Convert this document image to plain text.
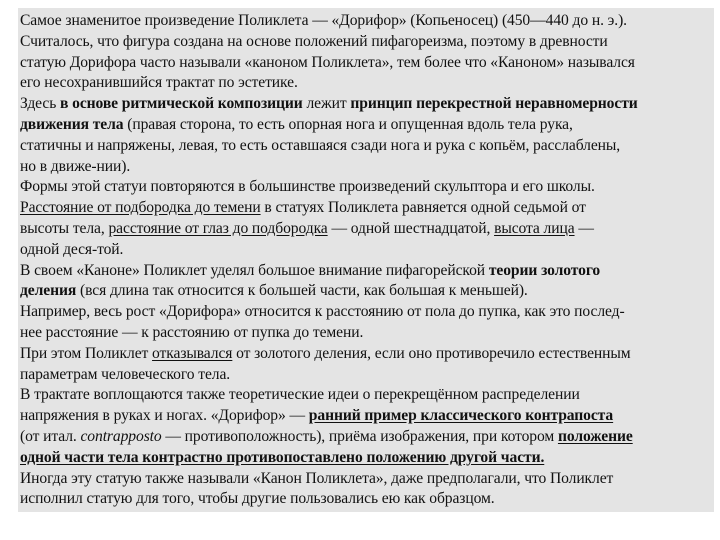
Самое знаменитое произведение Поликлета — «Дорифор» (Копьеносец) (450—440 до н. э.).
Считалось, что фигура создана на основе положений пифагореизма, поэтому в древности
статую Дорифора часто называли «каноном Поликлета», тем более что «Каноном» назывался
его несохранившийся трактат по эстетике.
Здесь в основе ритмической композиции лежит принцип перекрестной неравномерности
движения тела (правая сторона, то есть опорная нога и опущенная вдоль тела рука,
статичны и напряжены, левая, то есть оставшаяся сзади нога и рука с копьём, расслаблены,
но в движе-нии).
Формы этой статуи повторяются в большинстве произведений скульптора и его школы.
Расстояние от подбородка до темени в статуях Поликлета равняется одной седьмой от
высоты тела, расстояние от глаз до подбородка — одной шестнадцатой, высота лица —
одной деся-той.
В своем «Каноне» Поликлет уделял большое внимание пифагорейской теории золотого
деления (вся длина так относится к большей части, как большая к меньшей).
Например, весь рост «Дорифора» относится к расстоянию от пола до пупка, как это послед-
нее расстояние — к расстоянию от пупка до темени.
При этом Поликлет отказывался от золотого деления, если оно противоречило естественным
параметрам человеческого тела.
В трактате воплощаются также теоретические идеи о перекрещённом распределении
напряжения в руках и ногах. «Дорифор» — ранний пример классического контрапоста
(от итал. contrapposto — противоположность), приёма изображения, при котором положение
одной части тела контрастно противопоставлено положению другой части.
Иногда эту статую также называли «Канон Поликлета», даже предполагали, что Поликлет
исполнил статую для того, чтобы другие пользовались ею как образцом.
